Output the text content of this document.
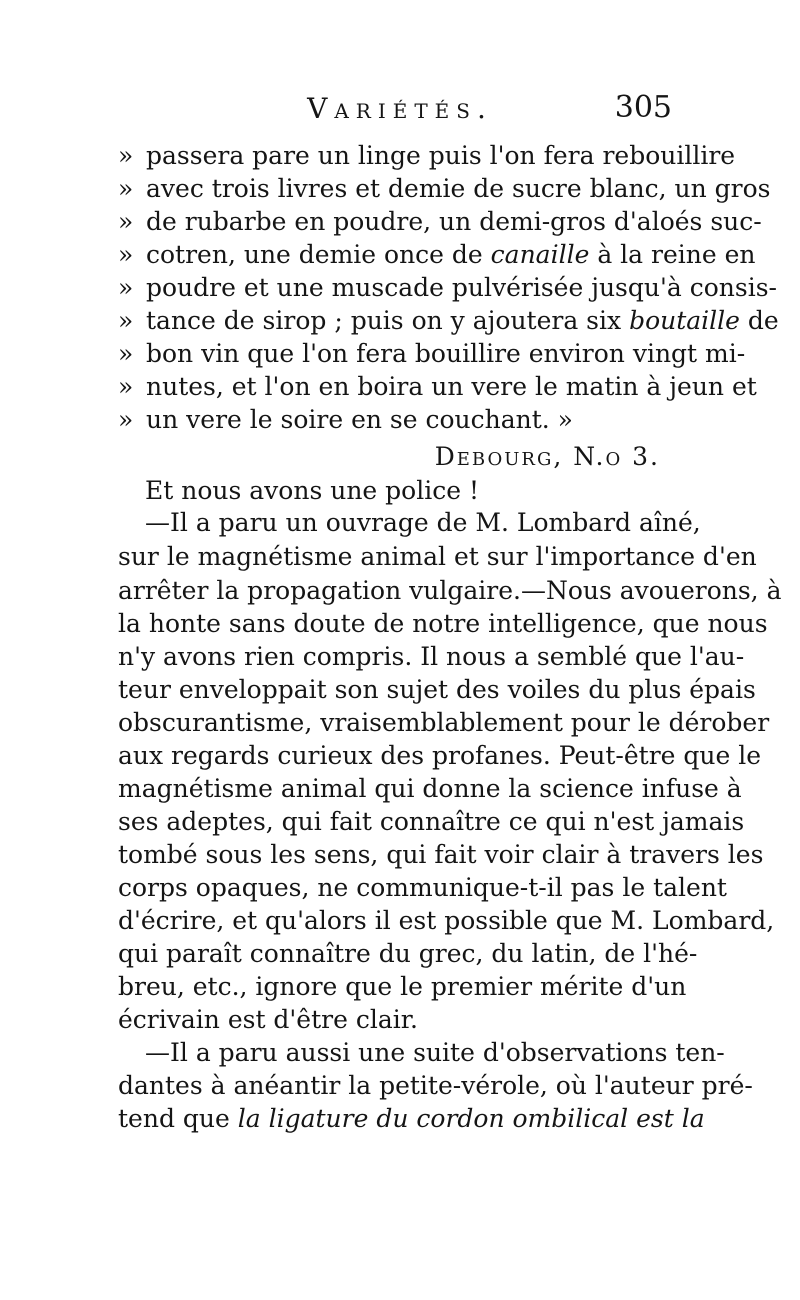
Variétés.	305
» passera pare un linge puis l'on fera rebouillire
» avec trois livres et demie de sucre blanc, un gros
» de rubarbe en poudre, un demi-gros d'aloés suc-
» cotren, une demie once de canaille à la reine en
» poudre et une muscade pulvérisée jusqu'à consis-
» tance de sirop ; puis on y ajoutera six boutaille de
» bon vin que l'on fera bouillire environ vingt mi-
» nutes, et l'on en boira un vere le matin à jeun et
» un vere le soire en se couchant. »
Debourg, N.o 3.
Et nous avons une police !
—Il a paru un ouvrage de M. Lombard aîné,
sur le magnétisme animal et sur l'importance d'en
arrêter la propagation vulgaire.—Nous avouerons, à
la honte sans doute de notre intelligence, que nous
n'y avons rien compris. Il nous a semblé que l'au-
teur enveloppait son sujet des voiles du plus épais
obscurantisme, vraisemblablement pour le dérober
aux regards curieux des profanes. Peut-être que le
magnétisme animal qui donne la science infuse à
ses adeptes, qui fait connaître ce qui n'est jamais
tombé sous les sens, qui fait voir clair à travers les
corps opaques, ne communique-t-il pas le talent
d'écrire, et qu'alors il est possible que M. Lombard,
qui paraît connaître du grec, du latin, de l'hé-
breu, etc., ignore que le premier mérite d'un
écrivain est d'être clair.
—Il a paru aussi une suite d'observations ten-
dantes à anéantir la petite-vérole, où l'auteur pré-
tend que la ligature du cordon ombilical est la
